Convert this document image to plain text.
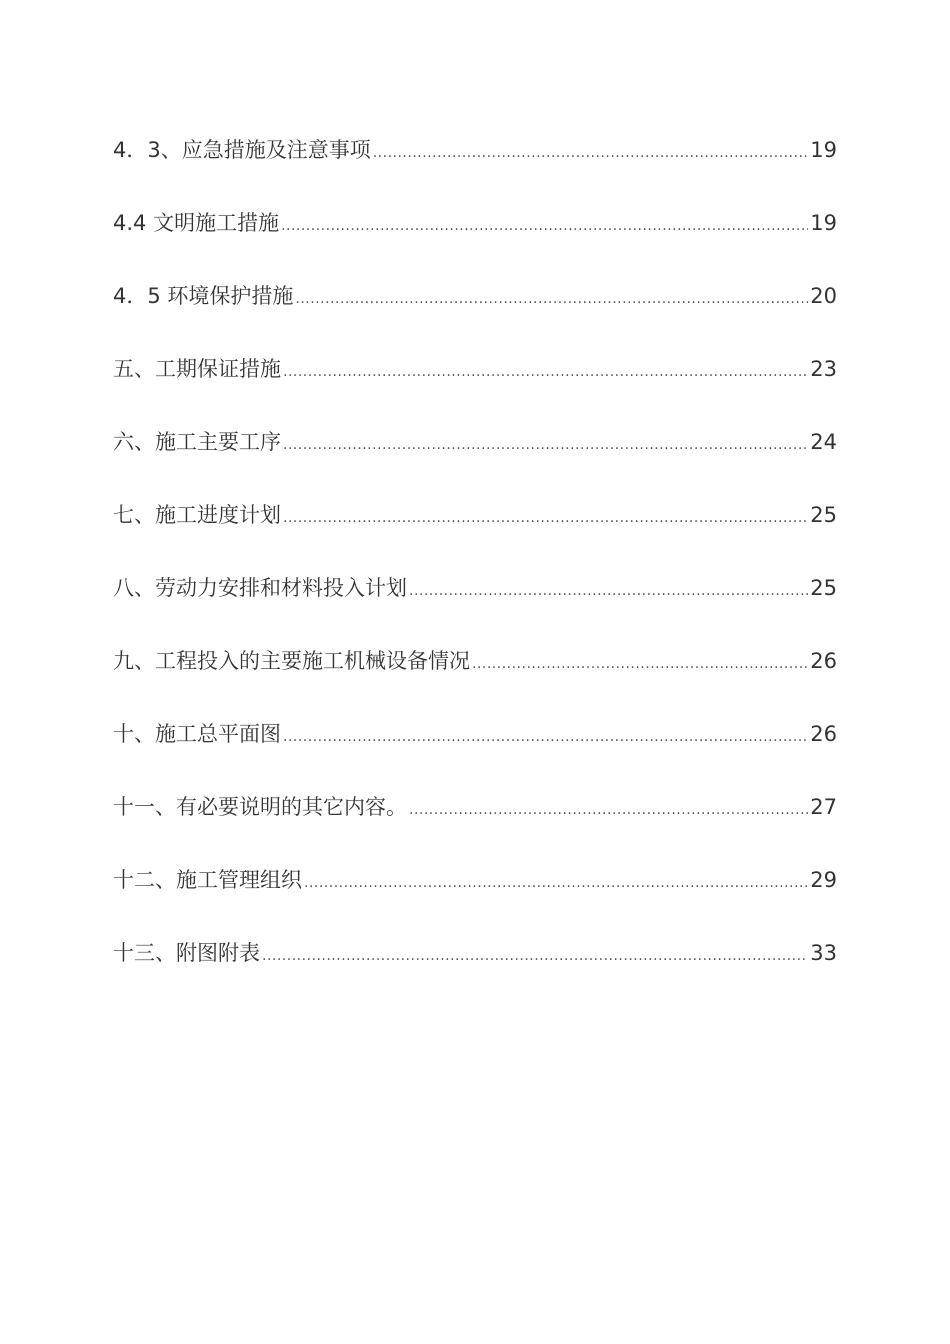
4．3、应急措施及注意事项 .....	19
4.4 文明施工措施 .....	19
4．5 环境保护措施 .....	20
五、工期保证措施 .....	23
六、施工主要工序 .....	24
七、施工进度计划 .....	25
八、劳动力安排和材料投入计划 .....	25
九、工程投入的主要施工机械设备情况 .....	26
十、施工总平面图 .....	26
十一、有必要说明的其它内容。 .....	27
十二、施工管理组织 .....	29
十三、附图附表 .....	33
